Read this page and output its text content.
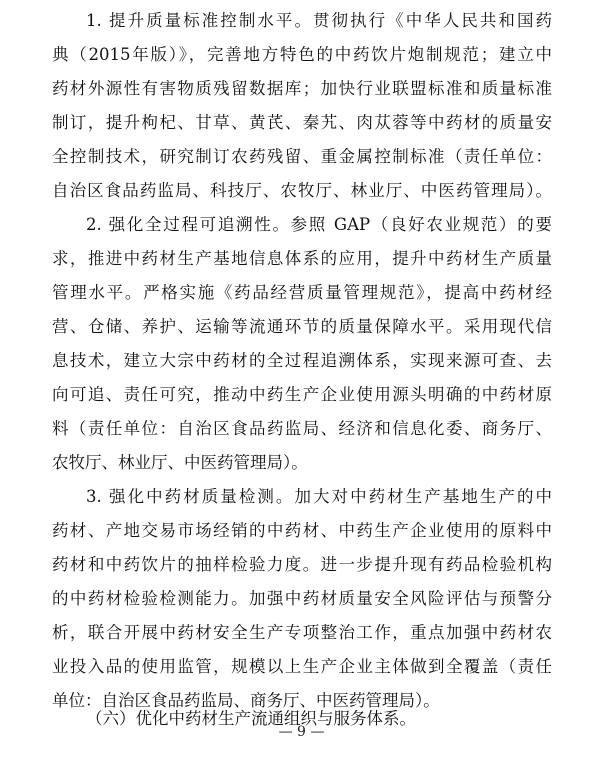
1. 提升质量标准控制水平。贯彻执行《中华人民共和国药
典（2015年版）》，完善地方特色的中药饮片炮制规范；建立中
药材外源性有害物质残留数据库；加快行业联盟标准和质量标准
制订，提升枸杞、甘草、黄芪、秦艽、肉苁蓉等中药材的质量安
全控制技术，研究制订农药残留、重金属控制标准（责任单位：
自治区食品药监局、科技厅、农牧厅、林业厅、中医药管理局）。
2. 强化全过程可追溯性。参照 GAP（良好农业规范）的要
求，推进中药材生产基地信息体系的应用，提升中药材生产质量
管理水平。严格实施《药品经营质量管理规范》，提高中药材经
营、仓储、养护、运输等流通环节的质量保障水平。采用现代信
息技术，建立大宗中药材的全过程追溯体系，实现来源可查、去
向可追、责任可究，推动中药生产企业使用源头明确的中药材原
料（责任单位：自治区食品药监局、经济和信息化委、商务厅、
农牧厅、林业厅、中医药管理局）。
3. 强化中药材质量检测。加大对中药材生产基地生产的中
药材、产地交易市场经销的中药材、中药生产企业使用的原料中
药材和中药饮片的抽样检验力度。进一步提升现有药品检验机构
的中药材检验检测能力。加强中药材质量安全风险评估与预警分
析，联合开展中药材安全生产专项整治工作，重点加强中药材农
业投入品的使用监管，规模以上生产企业主体做到全覆盖（责任
单位：自治区食品药监局、商务厅、中医药管理局）。
（六）优化中药材生产流通组织与服务体系。
— 9 —
